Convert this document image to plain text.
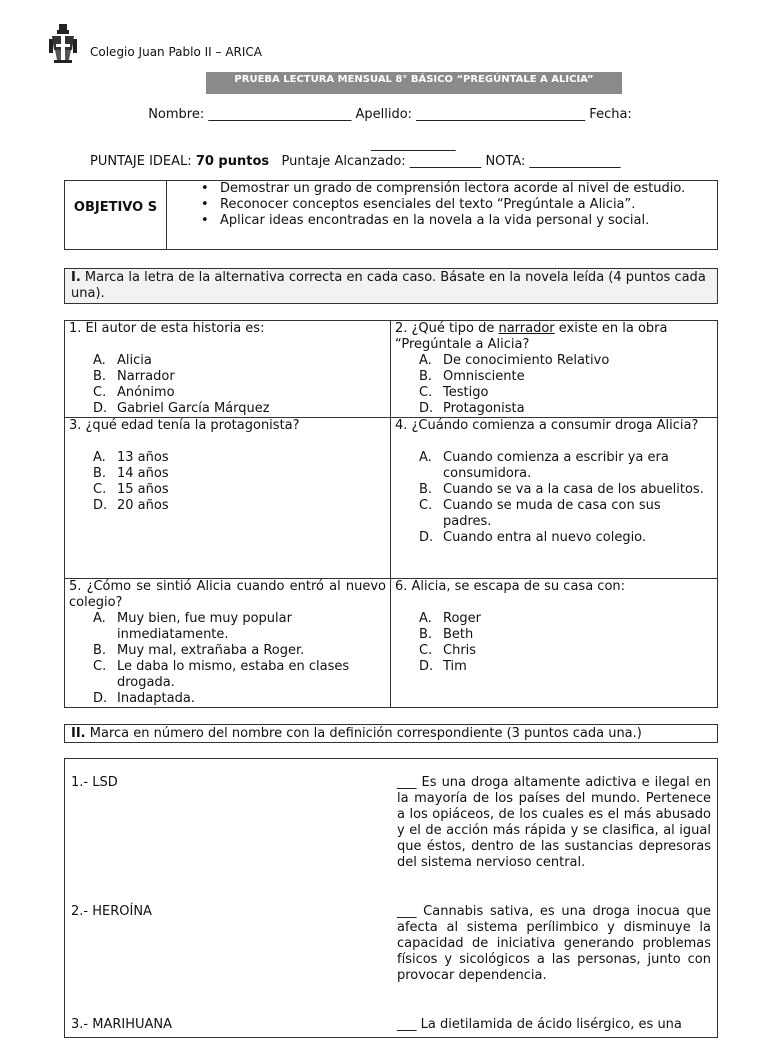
Colegio Juan Pablo II – ARICA
PRUEBA LECTURA MENSUAL 8° BÁSICO “PREGÚNTALE A ALICIA”
Nombre: ______________________ Apellido: __________________________ Fecha:
_____________
PUNTAJE IDEAL: 70 puntos Puntaje Alcanzado: ___________ NOTA: ______________
OBJETIVO S
• Demostrar un grado de comprensión lectora acorde al nivel de estudio.
• Reconocer conceptos esenciales del texto “Pregúntale a Alicia”.
• Aplicar ideas encontradas en la novela a la vida personal y social.
I. Marca la letra de la alternativa correcta en cada caso. Básate en la novela leída (4 puntos cada una).

1. El autor de esta historia es:

A. Alicia
B. Narrador
C. Anónimo
D. Gabriel García Márquez

2. ¿Qué tipo de narrador existe en la obra “Pregúntale a Alicia?

A. De conocimiento Relativo
B. Omnisciente
C. Testigo
D. Protagonista

3. ¿qué edad tenía la protagonista?

A. 13 años
B. 14 años
C. 15 años
D. 20 años

4. ¿Cuándo comienza a consumir droga Alicia?

A. Cuando comienza a escribir ya era consumidora.
B. Cuando se va a la casa de los abuelitos.
C. Cuando se muda de casa con sus padres.
D. Cuando entra al nuevo colegio.

5. ¿Cómo se sintió Alicia cuando entró al nuevo colegio?

A. Muy bien, fue muy popular inmediatamente.
B. Muy mal, extrañaba a Roger.
C. Le daba lo mismo, estaba en clases drogada.
D. Inadaptada.

6. Alicia, se escapa de su casa con:

A. Roger
B. Beth
C. Chris
D. Tim
II. Marca en número del nombre con la definición correspondiente (3 puntos cada una.)
1.- LSD	___ Es una droga altamente adictiva e ilegal en la mayoría de los países del mundo. Pertenece a los opiáceos, de los cuales es el más abusado y el de acción más rápida y se clasifica, al igual que éstos, dentro de las sustancias depresoras del sistema nervioso central.
2.- HEROÍNA	___ Cannabis sativa, es una droga inocua que afecta al sistema perílimbico y disminuye la capacidad de iniciativa generando problemas físicos y sicológicos a las personas, junto con provocar dependencia.
3.- MARIHUANA	___ La dietilamida de ácido lisérgico, es una
